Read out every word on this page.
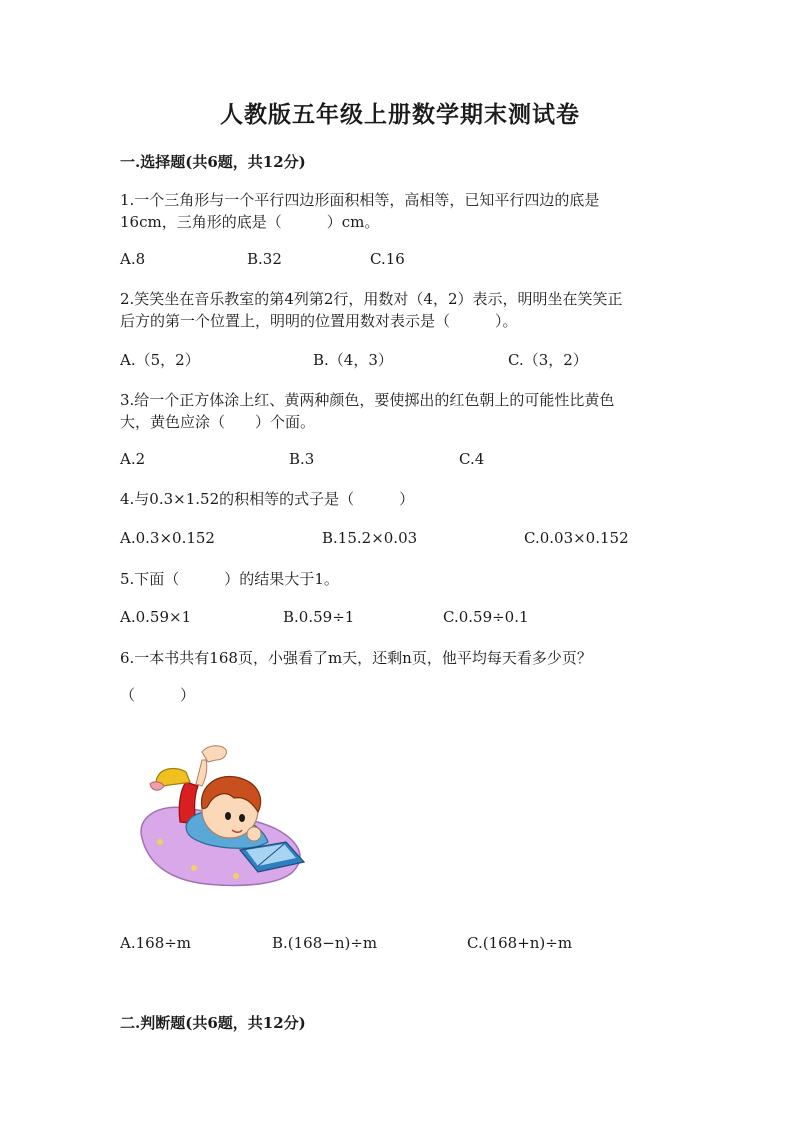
人教版五年级上册数学期末测试卷
一.选择题(共6题，共12分)
1.一个三角形与一个平行四边形面积相等，高相等，已知平行四边的底是
16cm，三角形的底是（　　　）cm。
A.8	B.32	C.16
2.笑笑坐在音乐教室的第4列第2行，用数对（4，2）表示，明明坐在笑笑正
后方的第一个位置上，明明的位置用数对表示是（　　　）。
A.（5，2）	B.（4，3）	C.（3，2）
3.给一个正方体涂上红、黄两种颜色，要使掷出的红色朝上的可能性比黄色
大，黄色应涂（　　）个面。
A.2	B.3	C.4
4.与0.3×1.52的积相等的式子是（　　　）
A.0.3×0.152	B.15.2×0.03	C.0.03×0.152
5.下面（　　　）的结果大于1。
A.0.59×1	B.0.59÷1	C.0.59÷0.1
6.一本书共有168页，小强看了m天，还剩n页，他平均每天看多少页？
（　　　）
A.168÷m	B.(168−n)÷m	C.(168+n)÷m
二.判断题(共6题，共12分)
